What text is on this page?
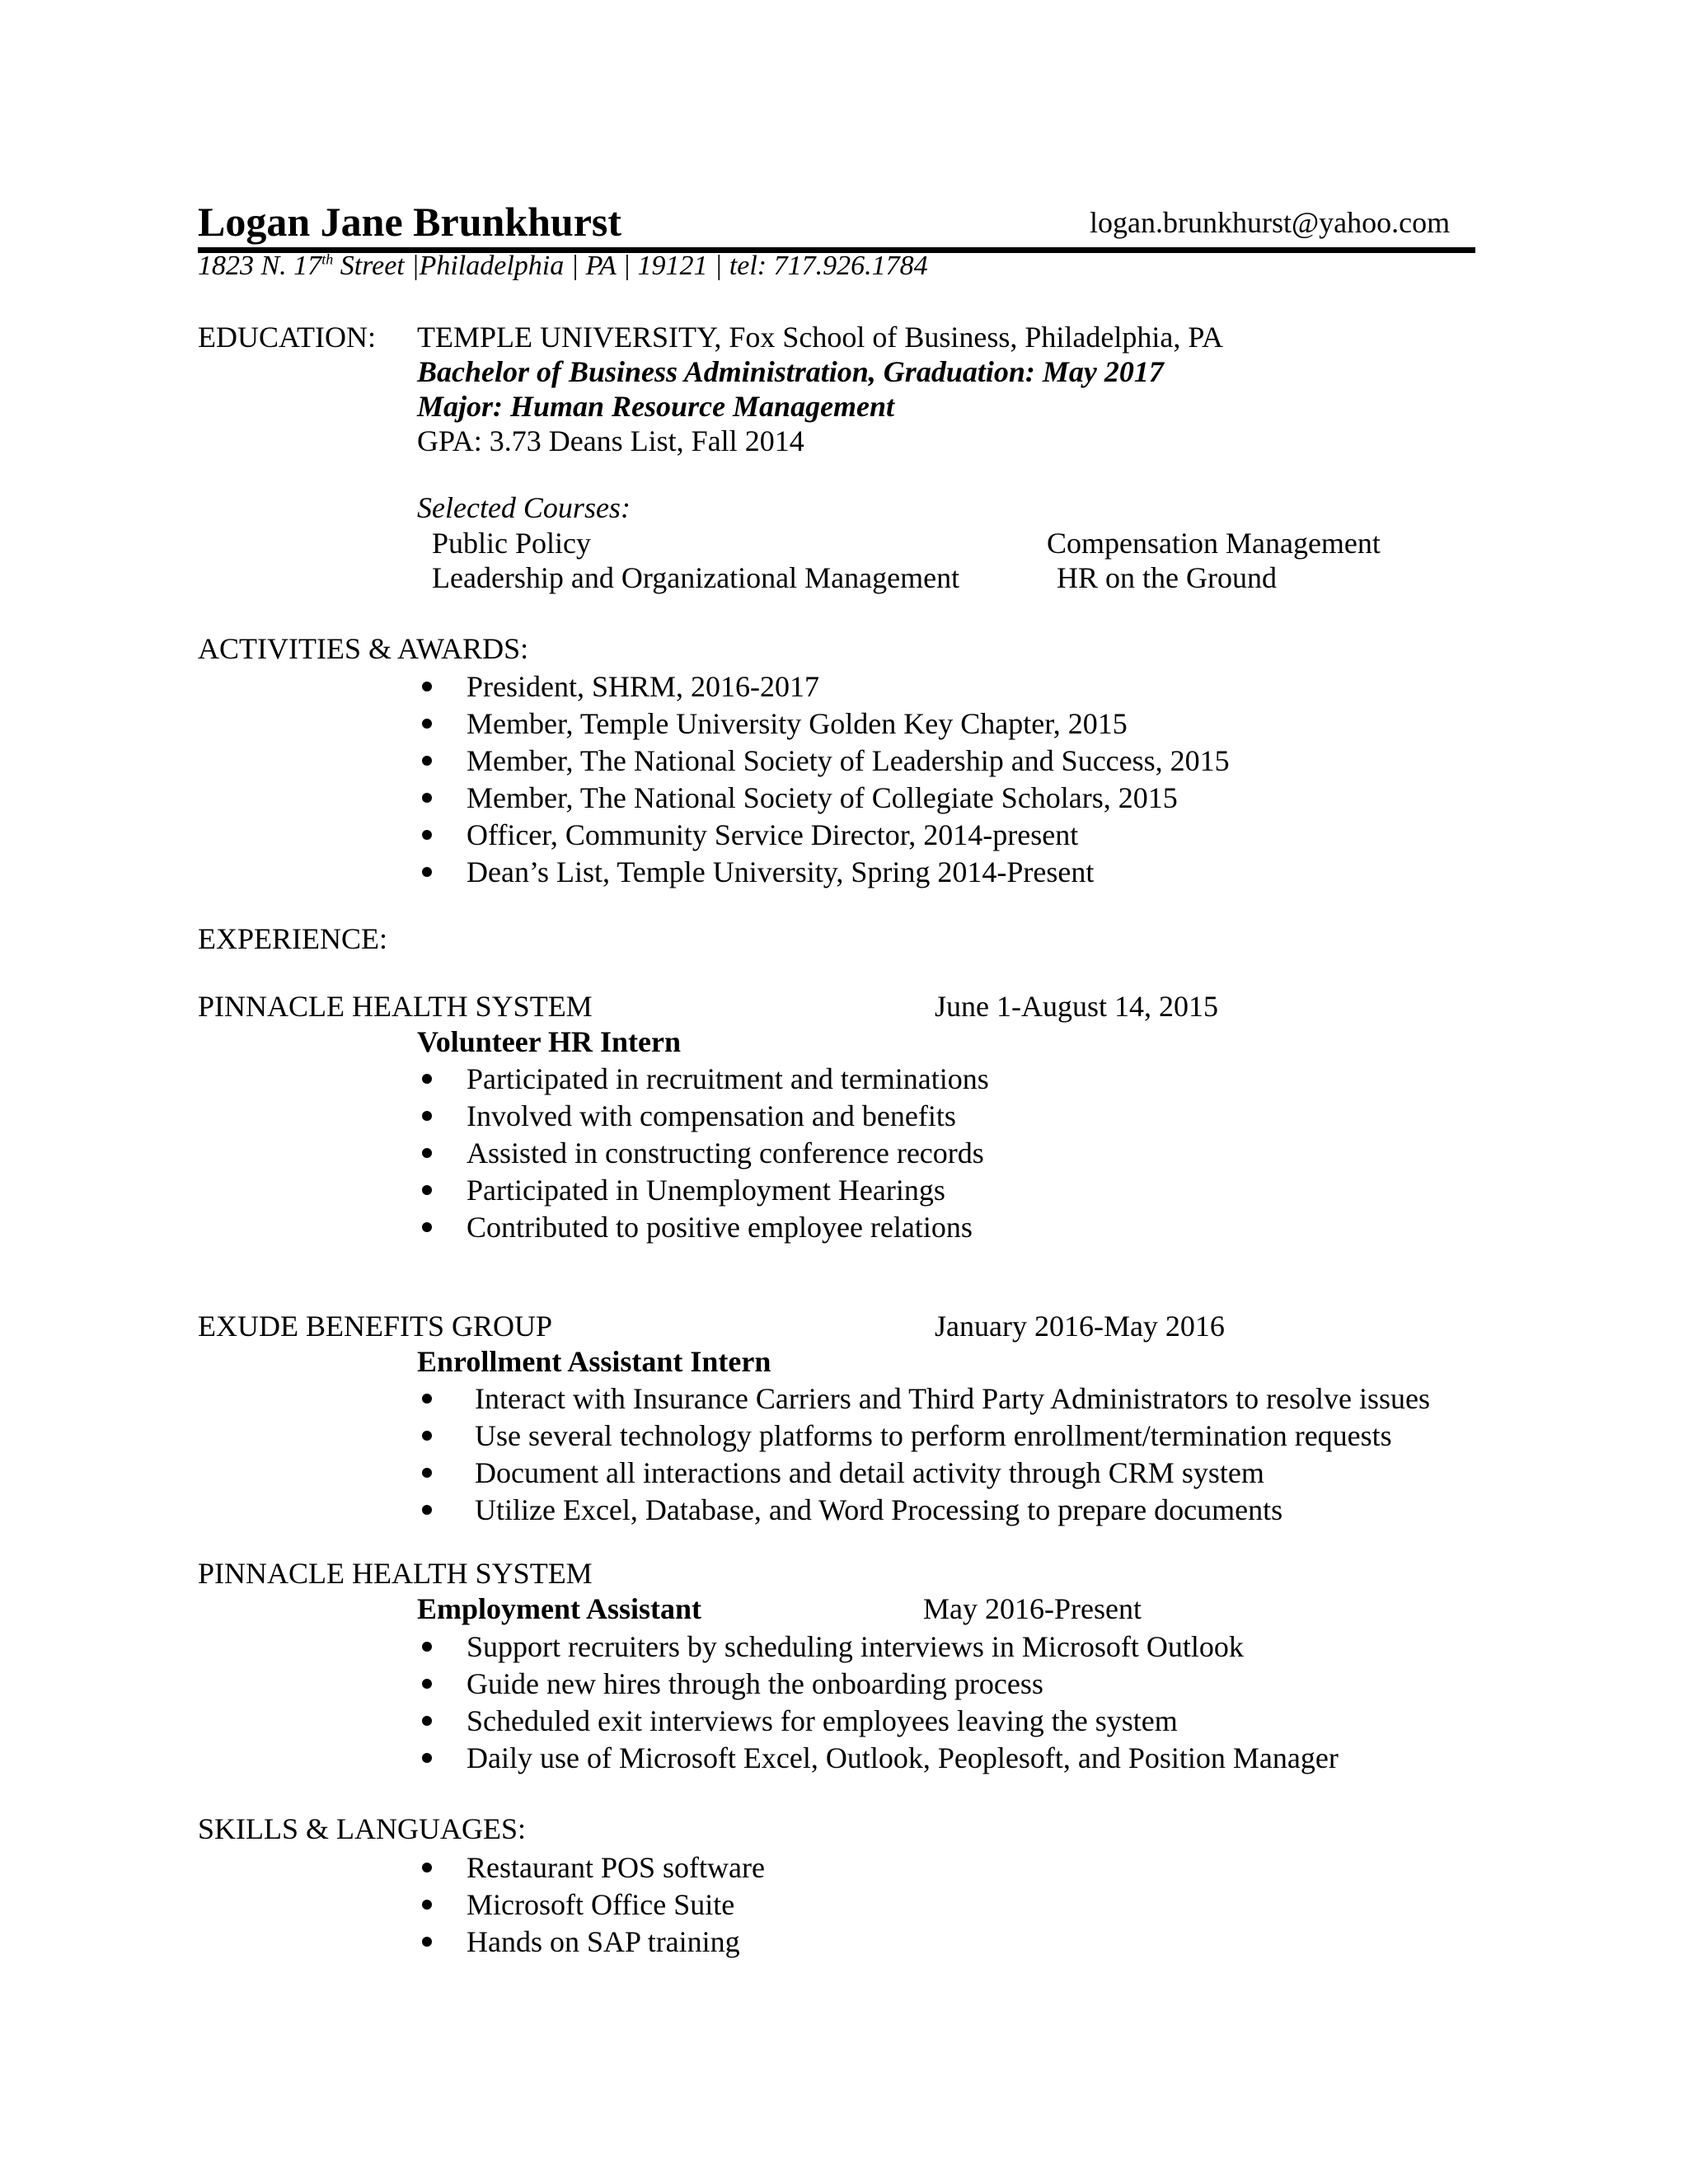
Logan Jane Brunkhurst	logan.brunkhurst@yahoo.com
1823 N. 17th Street |Philadelphia | PA | 19121 | tel: 717.926.1784
EDUCATION: TEMPLE UNIVERSITY, Fox School of Business, Philadelphia, PA
Bachelor of Business Administration, Graduation: May 2017
Major: Human Resource Management
GPA: 3.73 Deans List, Fall 2014
Selected Courses:
Public Policy	Compensation Management
Leadership and Organizational Management	HR on the Ground
ACTIVITIES & AWARDS:
President, SHRM, 2016-2017
Member, Temple University Golden Key Chapter, 2015
Member, The National Society of Leadership and Success, 2015
Member, The National Society of Collegiate Scholars, 2015
Officer, Community Service Director, 2014-present
Dean’s List, Temple University, Spring 2014-Present
EXPERIENCE:
PINNACLE HEALTH SYSTEM	June 1-August 14, 2015
Volunteer HR Intern
Participated in recruitment and terminations
Involved with compensation and benefits
Assisted in constructing conference records
Participated in Unemployment Hearings
Contributed to positive employee relations
EXUDE BENEFITS GROUP	January 2016-May 2016
Enrollment Assistant Intern
Interact with Insurance Carriers and Third Party Administrators to resolve issues
Use several technology platforms to perform enrollment/termination requests
Document all interactions and detail activity through CRM system
Utilize Excel, Database, and Word Processing to prepare documents
PINNACLE HEALTH SYSTEM
Employment Assistant	May 2016-Present
Support recruiters by scheduling interviews in Microsoft Outlook
Guide new hires through the onboarding process
Scheduled exit interviews for employees leaving the system
Daily use of Microsoft Excel, Outlook, Peoplesoft, and Position Manager
SKILLS & LANGUAGES:
Restaurant POS software
Microsoft Office Suite
Hands on SAP training
